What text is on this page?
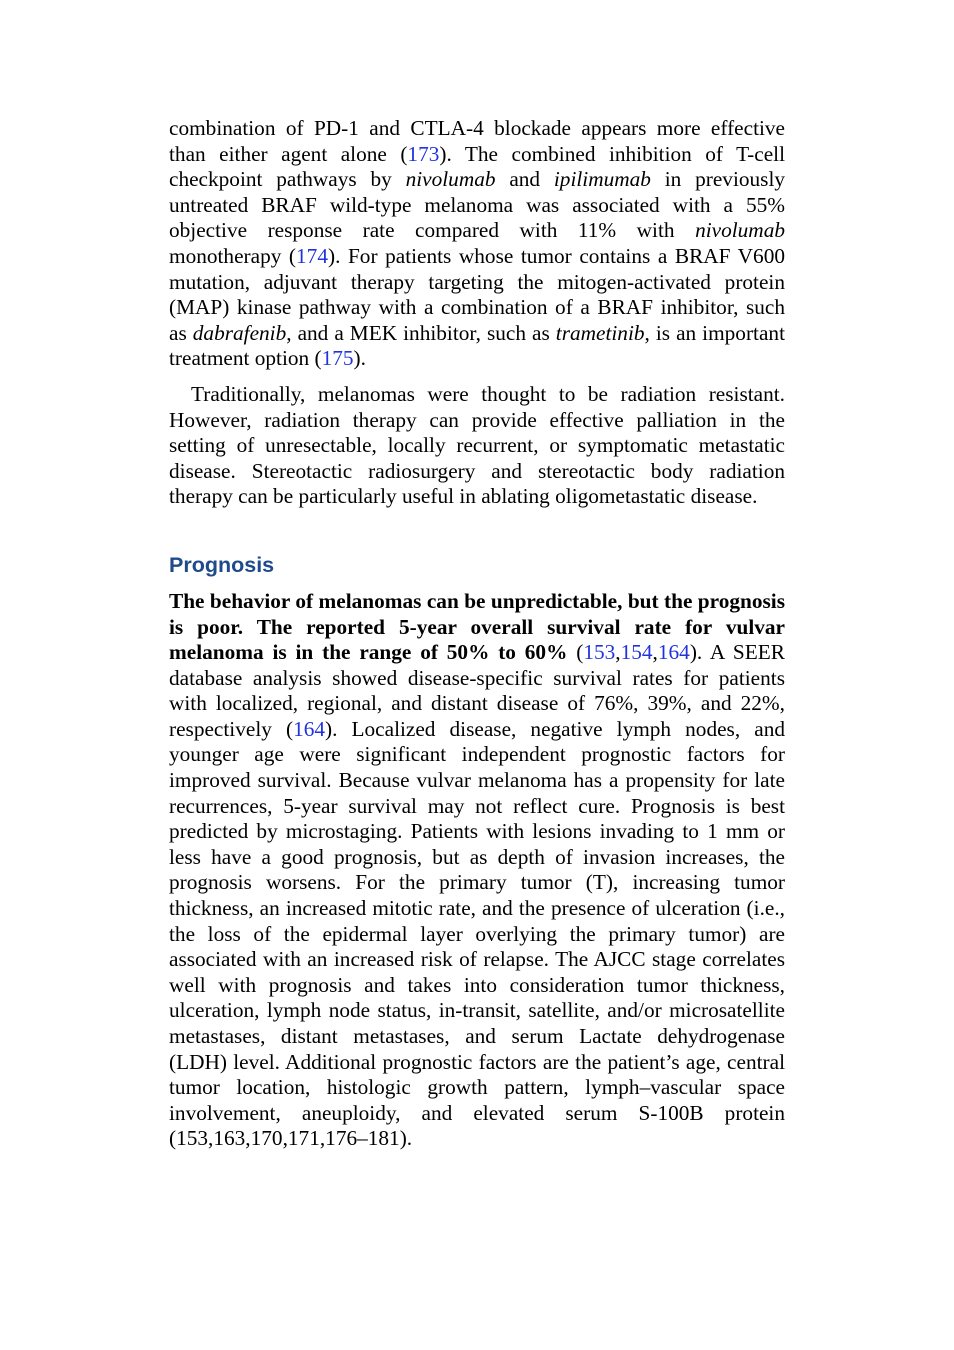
combination of PD-1 and CTLA-4 blockade appears more effective than either agent alone (173). The combined inhibition of T-cell checkpoint pathways by nivolumab and ipilimumab in previously untreated BRAF wild-type melanoma was associated with a 55% objective response rate compared with 11% with nivolumab monotherapy (174). For patients whose tumor contains a BRAF V600 mutation, adjuvant therapy targeting the mitogen-activated protein (MAP) kinase pathway with a combination of a BRAF inhibitor, such as dabrafenib, and a MEK inhibitor, such as trametinib, is an important treatment option (175).

Traditionally, melanomas were thought to be radiation resistant. However, radiation therapy can provide effective palliation in the setting of unresectable, locally recurrent, or symptomatic metastatic disease. Stereotactic radiosurgery and stereotactic body radiation therapy can be particularly useful in ablating oligometastatic disease.

Prognosis

The behavior of melanomas can be unpredictable, but the prognosis is poor. The reported 5-year overall survival rate for vulvar melanoma is in the range of 50% to 60% (153,154,164). A SEER database analysis showed disease-specific survival rates for patients with localized, regional, and distant disease of 76%, 39%, and 22%, respectively (164). Localized disease, negative lymph nodes, and younger age were significant independent prognostic factors for improved survival. Because vulvar melanoma has a propensity for late recurrences, 5-year survival may not reflect cure. Prognosis is best predicted by microstaging. Patients with lesions invading to 1 mm or less have a good prognosis, but as depth of invasion increases, the prognosis worsens. For the primary tumor (T), increasing tumor thickness, an increased mitotic rate, and the presence of ulceration (i.e., the loss of the epidermal layer overlying the primary tumor) are associated with an increased risk of relapse. The AJCC stage correlates well with prognosis and takes into consideration tumor thickness, ulceration, lymph node status, in-transit, satellite, and/or microsatellite metastases, distant metastases, and serum Lactate dehydrogenase (LDH) level. Additional prognostic factors are the patient’s age, central tumor location, histologic growth pattern, lymph–vascular space involvement, aneuploidy, and elevated serum S-100B protein (153,163,170,171,176–181).
